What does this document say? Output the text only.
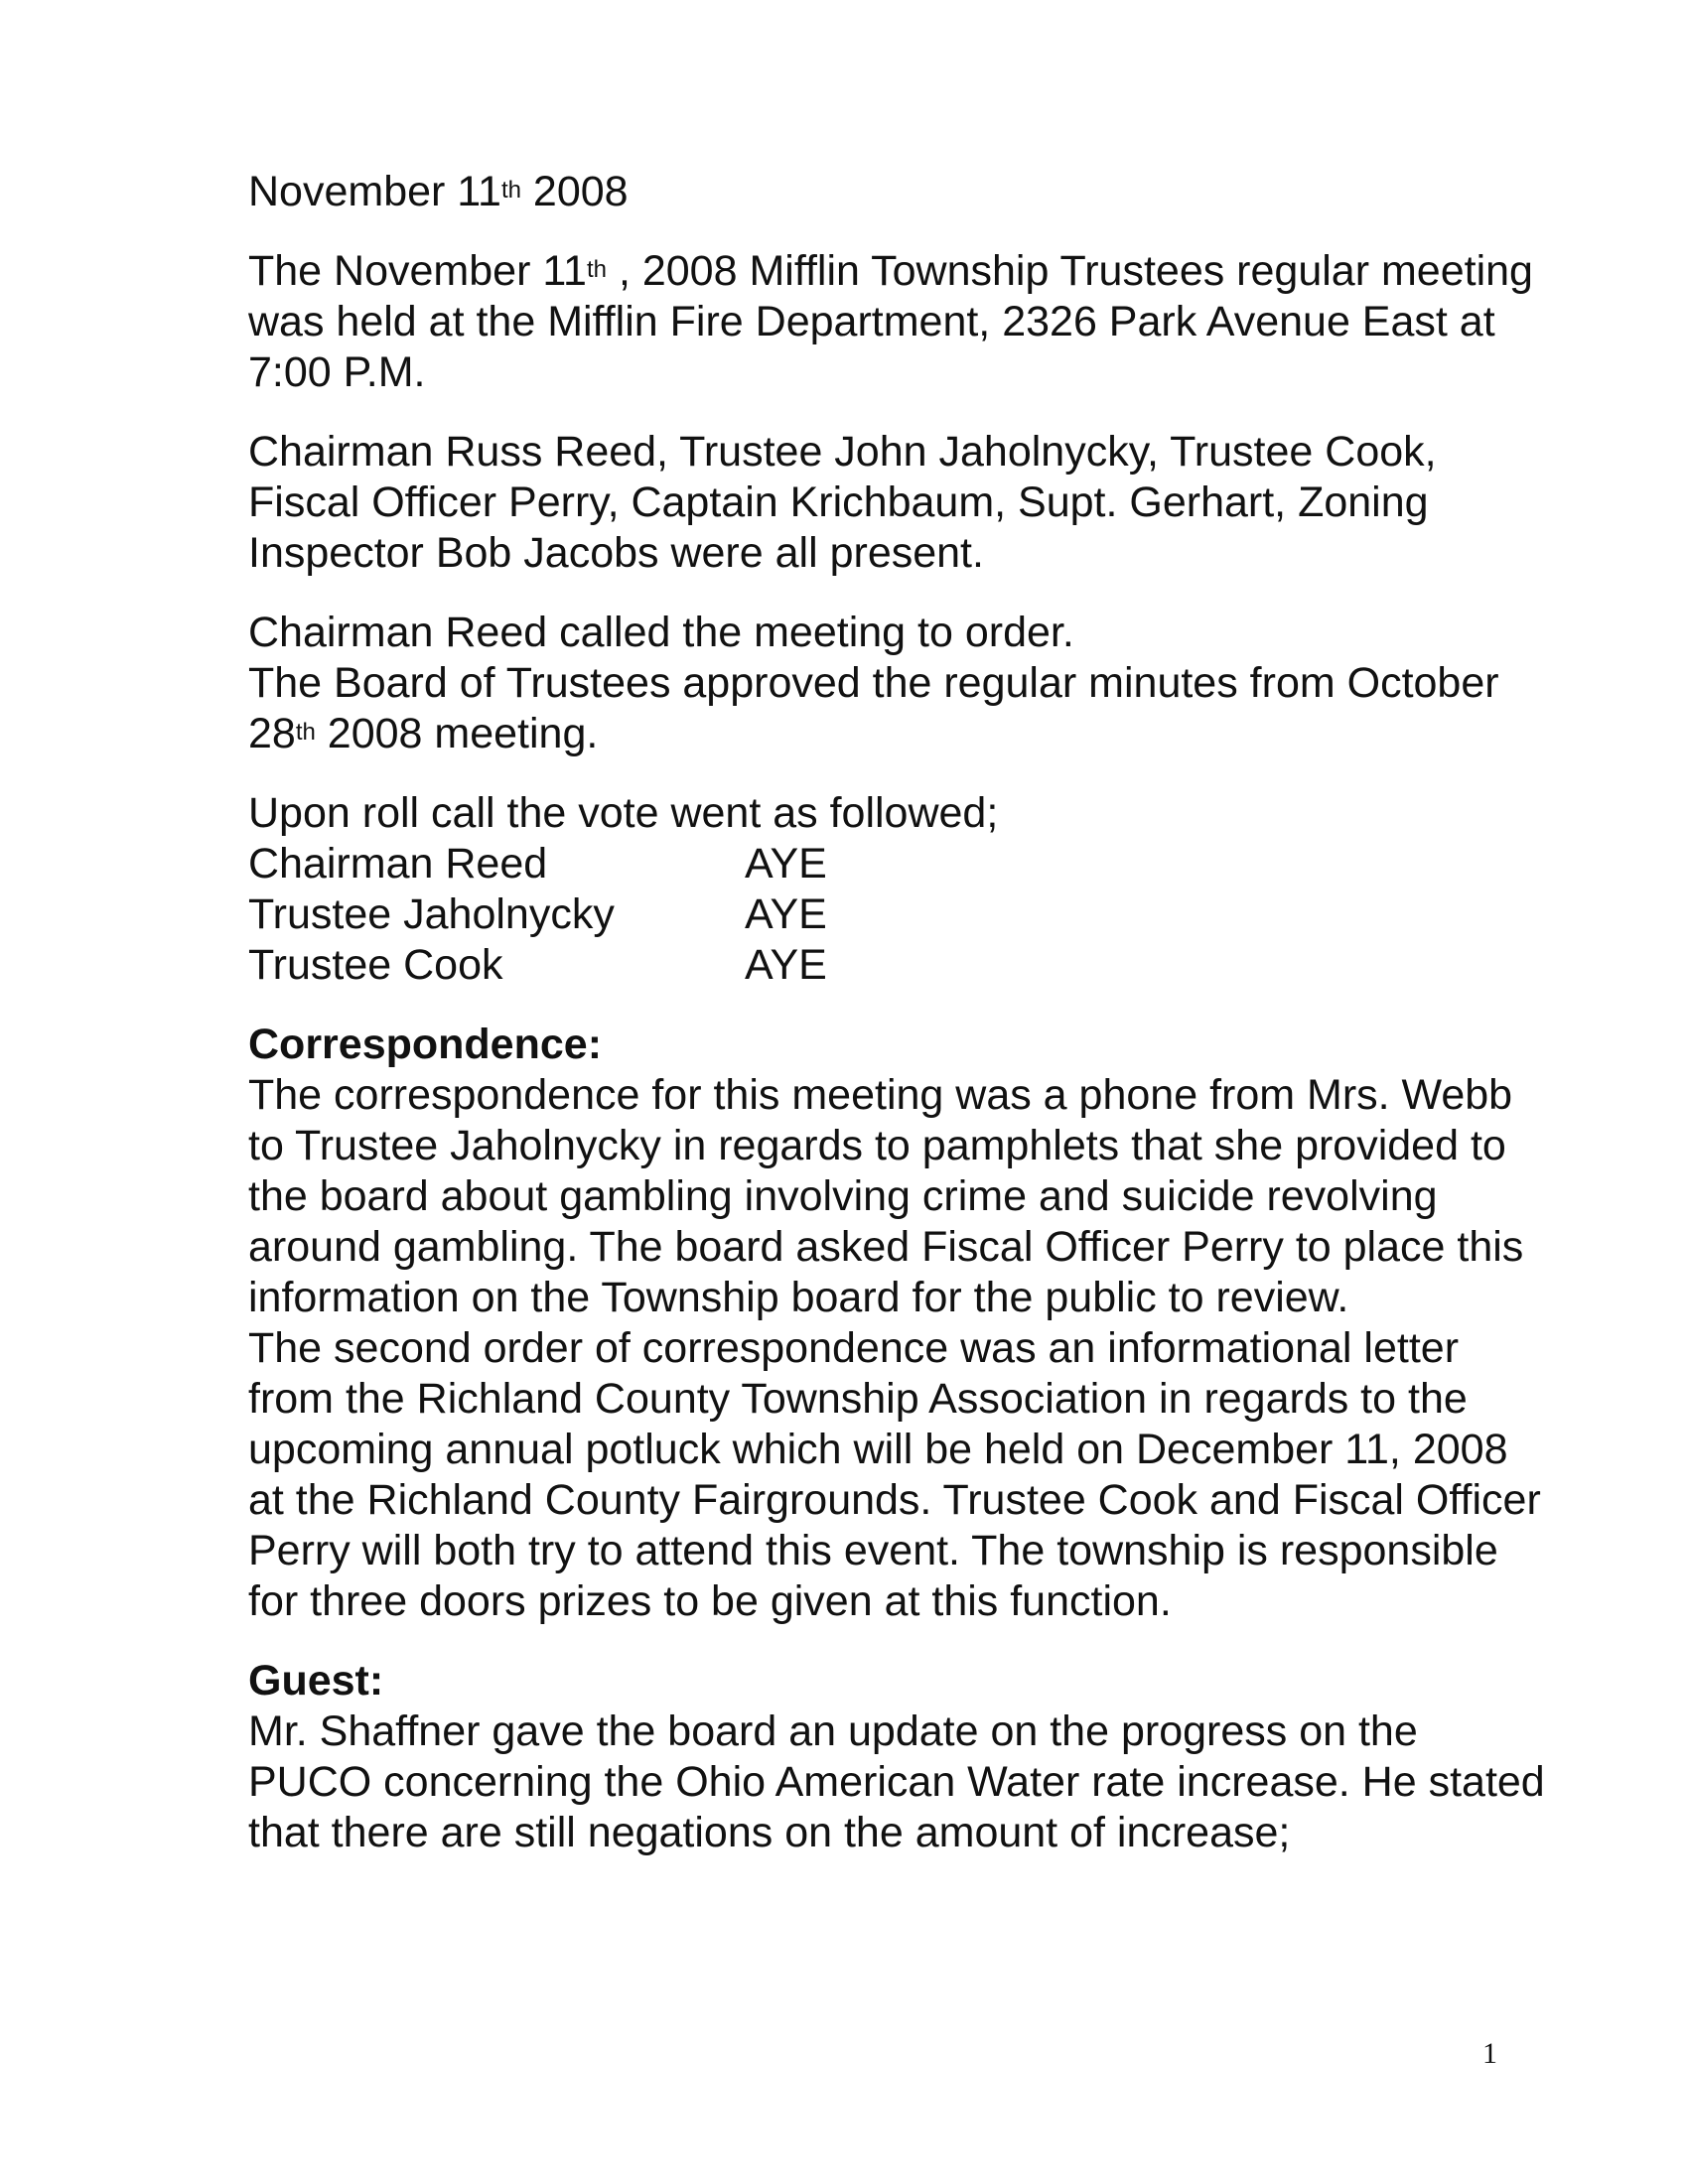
November 11th 2008

The November 11th , 2008 Mifflin Township Trustees regular meeting was held at the Mifflin Fire Department, 2326 Park Avenue East at 7:00 P.M.

Chairman Russ Reed, Trustee John Jaholnycky, Trustee Cook, Fiscal Officer Perry, Captain Krichbaum, Supt. Gerhart, Zoning Inspector Bob Jacobs were all present.

Chairman Reed called the meeting to order.

The Board of Trustees approved the regular minutes from October 28th 2008 meeting.

Upon roll call the vote went as followed;

Chairman Reed	AYE
Trustee Jaholnycky	AYE
Trustee Cook	AYE

Correspondence:

The correspondence for this meeting was a phone from Mrs. Webb to Trustee Jaholnycky in regards to pamphlets that she provided to the board about gambling involving crime and suicide revolving around gambling. The board asked Fiscal Officer Perry to place this information on the Township board for the public to review.

The second order of correspondence was an informational letter from the Richland County Township Association in regards to the upcoming annual potluck which will be held on December 11, 2008 at the Richland County Fairgrounds. Trustee Cook and Fiscal Officer Perry will both try to attend this event. The township is responsible for three doors prizes to be given at this function.

Guest:

Mr. Shaffner gave the board an update on the progress on the PUCO concerning the Ohio American Water rate increase. He stated that there are still negations on the amount of increase;

1
